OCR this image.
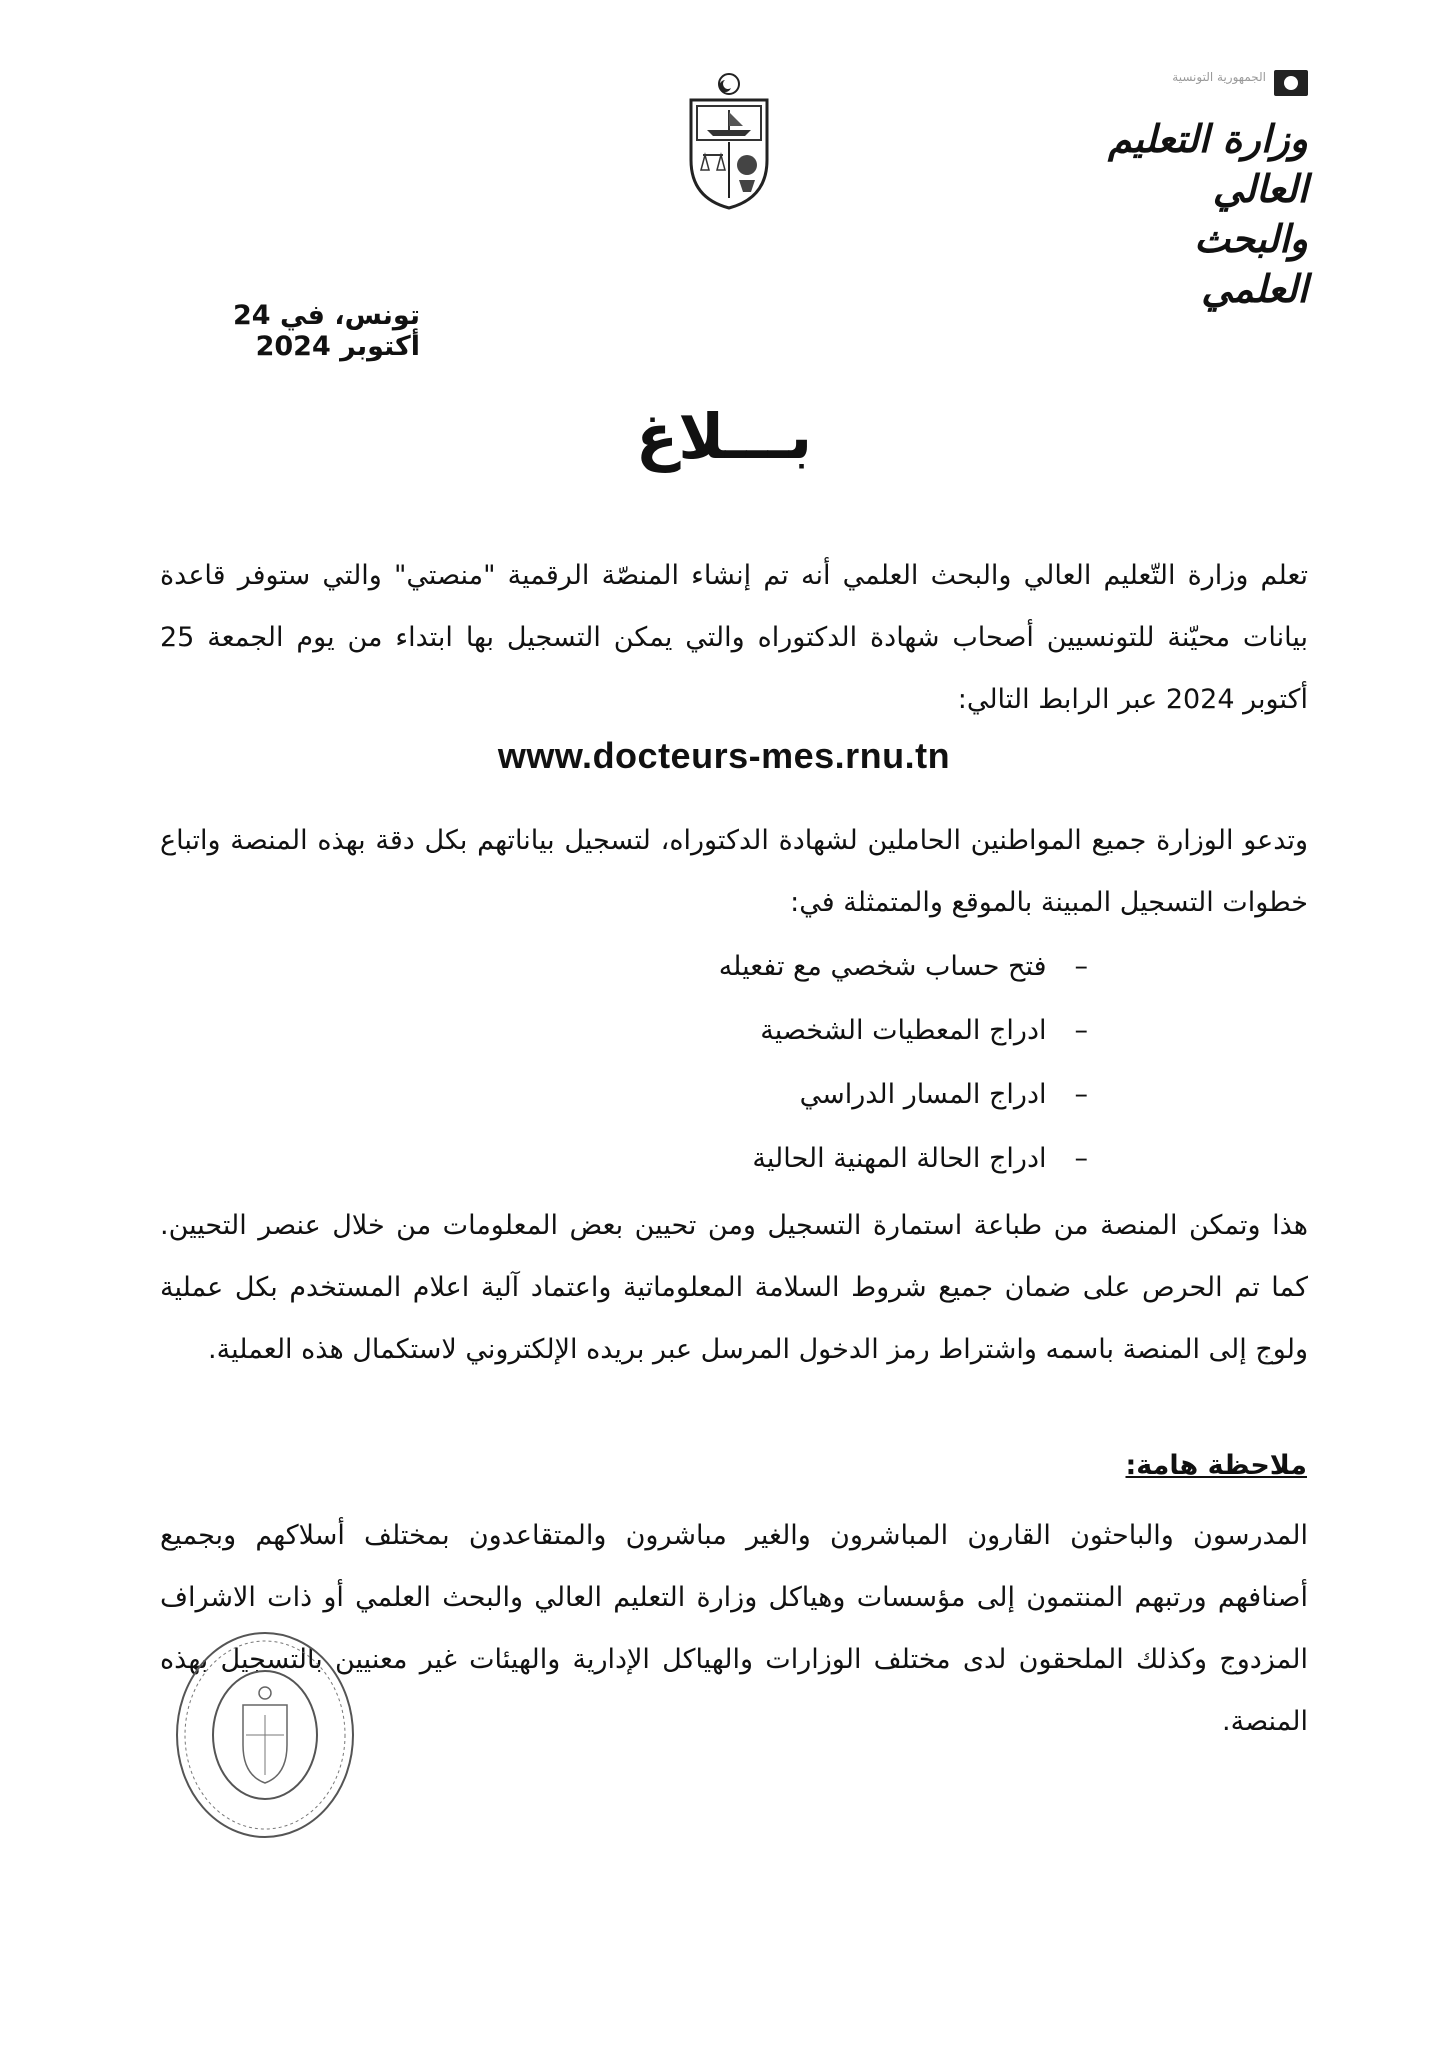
الجمهورية التونسية
وزارة التعليم العالي والبحث العلمي
تونس، في 24 أكتوبر 2024
بـــلاغ
تعلم وزارة التّعليم العالي والبحث العلمي أنه تم إنشاء المنصّة الرقمية "منصتي" والتي ستوفر قاعدة بيانات محيّنة للتونسيين أصحاب شهادة الدكتوراه والتي يمكن التسجيل بها ابتداء من يوم الجمعة 25 أكتوبر 2024 عبر الرابط التالي:
www.docteurs-mes.rnu.tn
وتدعو الوزارة جميع المواطنين الحاملين لشهادة الدكتوراه، لتسجيل بياناتهم بكل دقة بهذه المنصة واتباع خطوات التسجيل المبينة بالموقع والمتمثلة في:
– فتح حساب شخصي مع تفعيله
– ادراج المعطيات الشخصية
– ادراج المسار الدراسي
– ادراج الحالة المهنية الحالية
هذا وتمكن المنصة من طباعة استمارة التسجيل ومن تحيين بعض المعلومات من خلال عنصر التحيين. كما تم الحرص على ضمان جميع شروط السلامة المعلوماتية واعتماد آلية اعلام المستخدم بكل عملية ولوج إلى المنصة باسمه واشتراط رمز الدخول المرسل عبر بريده الإلكتروني لاستكمال هذه العملية.
ملاحظة هامة:
المدرسون والباحثون القارون المباشرون والغير مباشرون والمتقاعدون بمختلف أسلاكهم وبجميع أصنافهم ورتبهم المنتمون إلى مؤسسات وهياكل وزارة التعليم العالي والبحث العلمي أو ذات الاشراف المزدوج وكذلك الملحقون لدى مختلف الوزارات والهياكل الإدارية والهيئات غير معنيين بالتسجيل بهذه المنصة.
